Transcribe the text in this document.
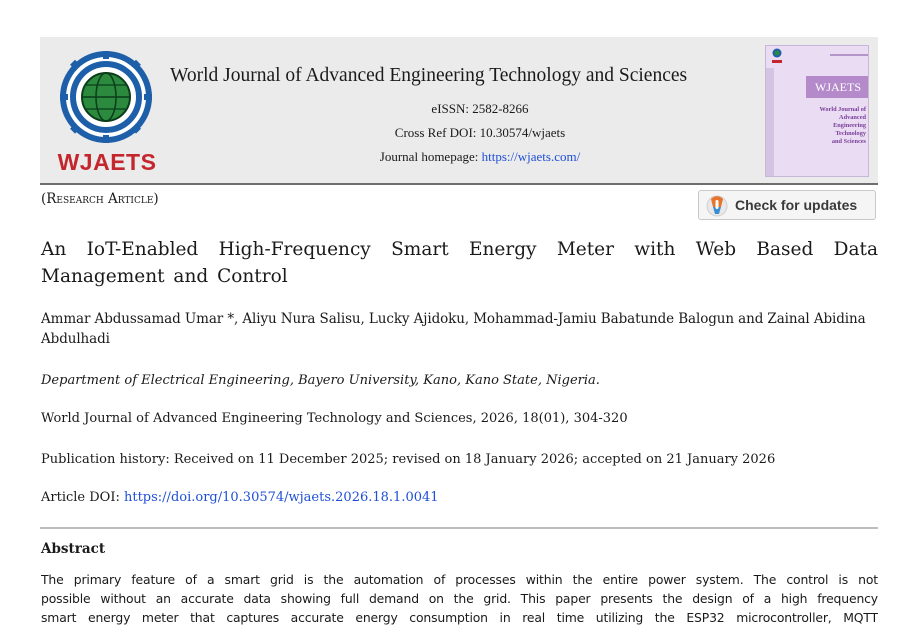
WJAETS
World Journal of Advanced Engineering Technology and Sciences
eISSN: 2582-8266
Cross Ref DOI: 10.30574/wjaets
Journal homepage: https://wjaets.com/
WJAETS
World Journal of
Advanced
Engineering
Technology
and Sciences
(Research Article)	Check for updates
An IoT-Enabled High-Frequency Smart Energy Meter with Web Based Data Management and Control
Ammar Abdussamad Umar *, Aliyu Nura Salisu, Lucky Ajidoku, Mohammad-Jamiu Babatunde Balogun and Zainal Abidina Abdulhadi
Department of Electrical Engineering, Bayero University, Kano, Kano State, Nigeria.
World Journal of Advanced Engineering Technology and Sciences, 2026, 18(01), 304-320
Publication history: Received on 11 December 2025; revised on 18 January 2026; accepted on 21 January 2026
Article DOI: https://doi.org/10.30574/wjaets.2026.18.1.0041
Abstract
The primary feature of a smart grid is the automation of processes within the entire power system. The control is not
possible without an accurate data showing full demand on the grid. This paper presents the design of a high frequency
smart energy meter that captures accurate energy consumption in real time utilizing the ESP32 microcontroller, MQTT
